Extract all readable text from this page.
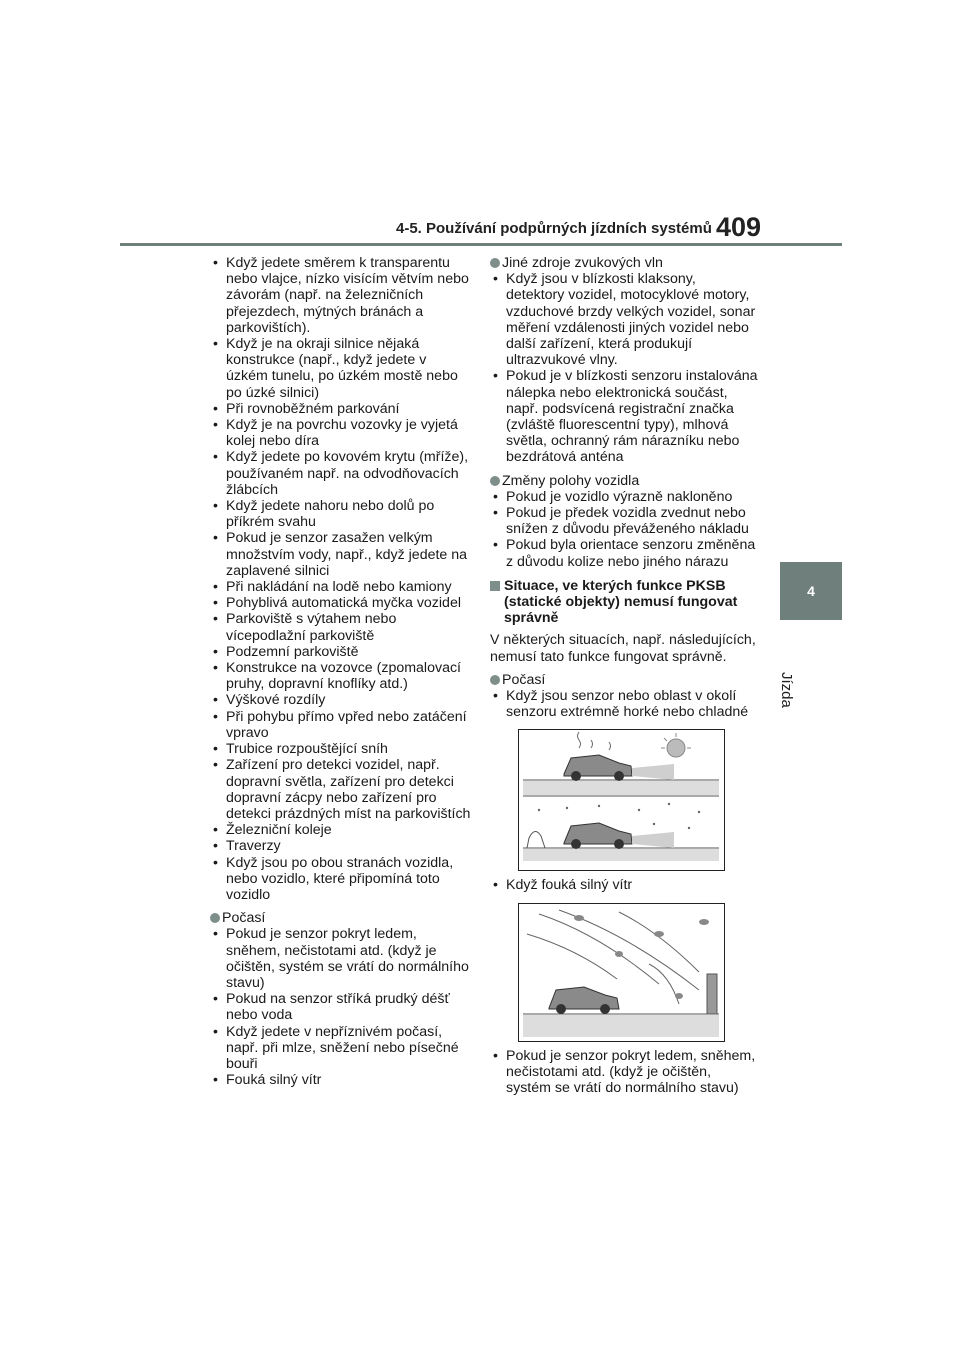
4-5. Používání podpůrných jízdních systémů 409
4
Jízda
• Když jedete směrem k transparentu nebo vlajce, nízko visícím větvím nebo závorám (např. na železničních přejezdech, mýtných bránách a parkovištích).
• Když je na okraji silnice nějaká konstrukce (např., když jedete v úzkém tunelu, po úzkém mostě nebo po úzké silnici)
• Při rovnoběžném parkování
• Když je na povrchu vozovky je vyjetá kolej nebo díra
• Když jedete po kovovém krytu (mříže), používaném např. na odvodňovacích žlábcích
• Když jedete nahoru nebo dolů po příkrém svahu
• Pokud je senzor zasažen velkým množstvím vody, např., když jedete na zaplavené silnici
• Při nakládání na lodě nebo kamiony
• Pohyblivá automatická myčka vozidel
• Parkoviště s výtahem nebo vícepodlažní parkoviště
• Podzemní parkoviště
• Konstrukce na vozovce (zpomalovací pruhy, dopravní knoflíky atd.)
• Výškové rozdíly
• Při pohybu přímo vpřed nebo zatáčení vpravo
• Trubice rozpouštějící sníh
• Zařízení pro detekci vozidel, např. dopravní světla, zařízení pro detekci dopravní zácpy nebo zařízení pro detekci prázdných míst na parkovištích
• Železniční koleje
• Traverzy
• Když jsou po obou stranách vozidla, nebo vozidlo, které připomíná toto vozidlo
Počasí
• Pokud je senzor pokryt ledem, sněhem, nečistotami atd. (když je očištěn, systém se vrátí do normálního stavu)
• Pokud na senzor stříká prudký déšť nebo voda
• Když jedete v nepříznivém počasí, např. při mlze, sněžení nebo písečné bouři
• Fouká silný vítr
Jiné zdroje zvukových vln
• Když jsou v blízkosti klaksony, detektory vozidel, motocyklové motory, vzduchové brzdy velkých vozidel, sonar měření vzdálenosti jiných vozidel nebo další zařízení, která produkují ultrazvukové vlny.
• Pokud je v blízkosti senzoru instalována nálepka nebo elektronická součást, např. podsvícená registrační značka (zvláště fluorescentní typy), mlhová světla, ochranný rám nárazníku nebo bezdrátová anténa
Změny polohy vozidla
• Pokud je vozidlo výrazně nakloněno
• Pokud je předek vozidla zvednut nebo snížen z důvodu převáženého nákladu
• Pokud byla orientace senzoru změněna z důvodu kolize nebo jiného nárazu
Situace, ve kterých funkce PKSB (statické objekty) nemusí fungovat správně
V některých situacích, např. následujících, nemusí tato funkce fungovat správně.
Počasí
• Když jsou senzor nebo oblast v okolí senzoru extrémně horké nebo chladné
• Když fouká silný vítr
• Pokud je senzor pokryt ledem, sněhem, nečistotami atd. (když je očištěn, systém se vrátí do normálního stavu)
